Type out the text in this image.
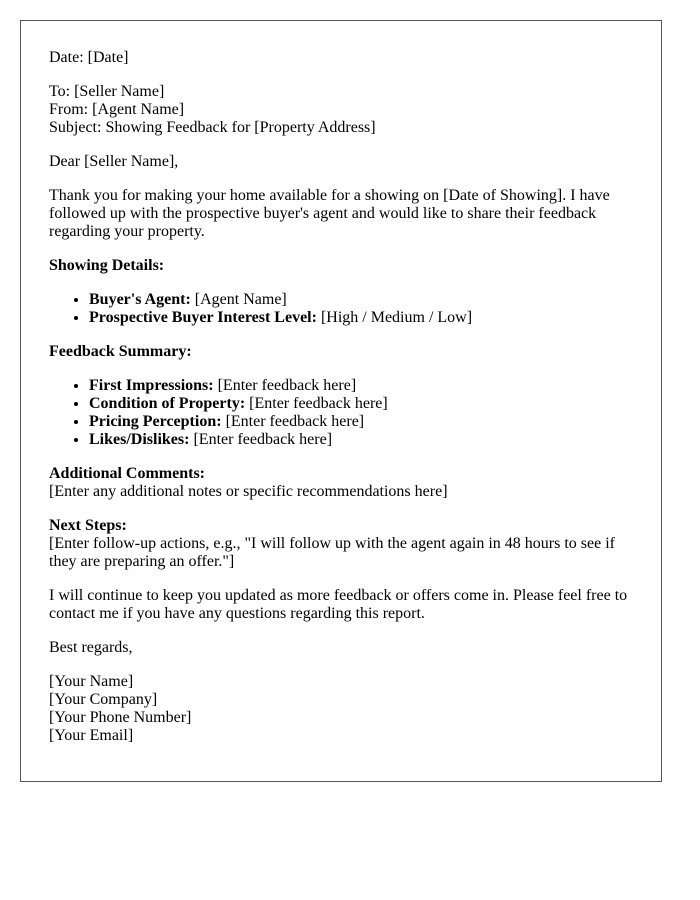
Date: [Date]

To: [Seller Name]
From: [Agent Name]
Subject: Showing Feedback for [Property Address]

Dear [Seller Name],

Thank you for making your home available for a showing on [Date of Showing]. I have followed up with the prospective buyer's agent and would like to share their feedback regarding your property.

Showing Details:

• Buyer's Agent: [Agent Name]
• Prospective Buyer Interest Level: [High / Medium / Low]

Feedback Summary:

• First Impressions: [Enter feedback here]
• Condition of Property: [Enter feedback here]
• Pricing Perception: [Enter feedback here]
• Likes/Dislikes: [Enter feedback here]

Additional Comments:
[Enter any additional notes or specific recommendations here]

Next Steps:
[Enter follow-up actions, e.g., "I will follow up with the agent again in 48 hours to see if they are preparing an offer."]

I will continue to keep you updated as more feedback or offers come in. Please feel free to contact me if you have any questions regarding this report.

Best regards,

[Your Name]
[Your Company]
[Your Phone Number]
[Your Email]
